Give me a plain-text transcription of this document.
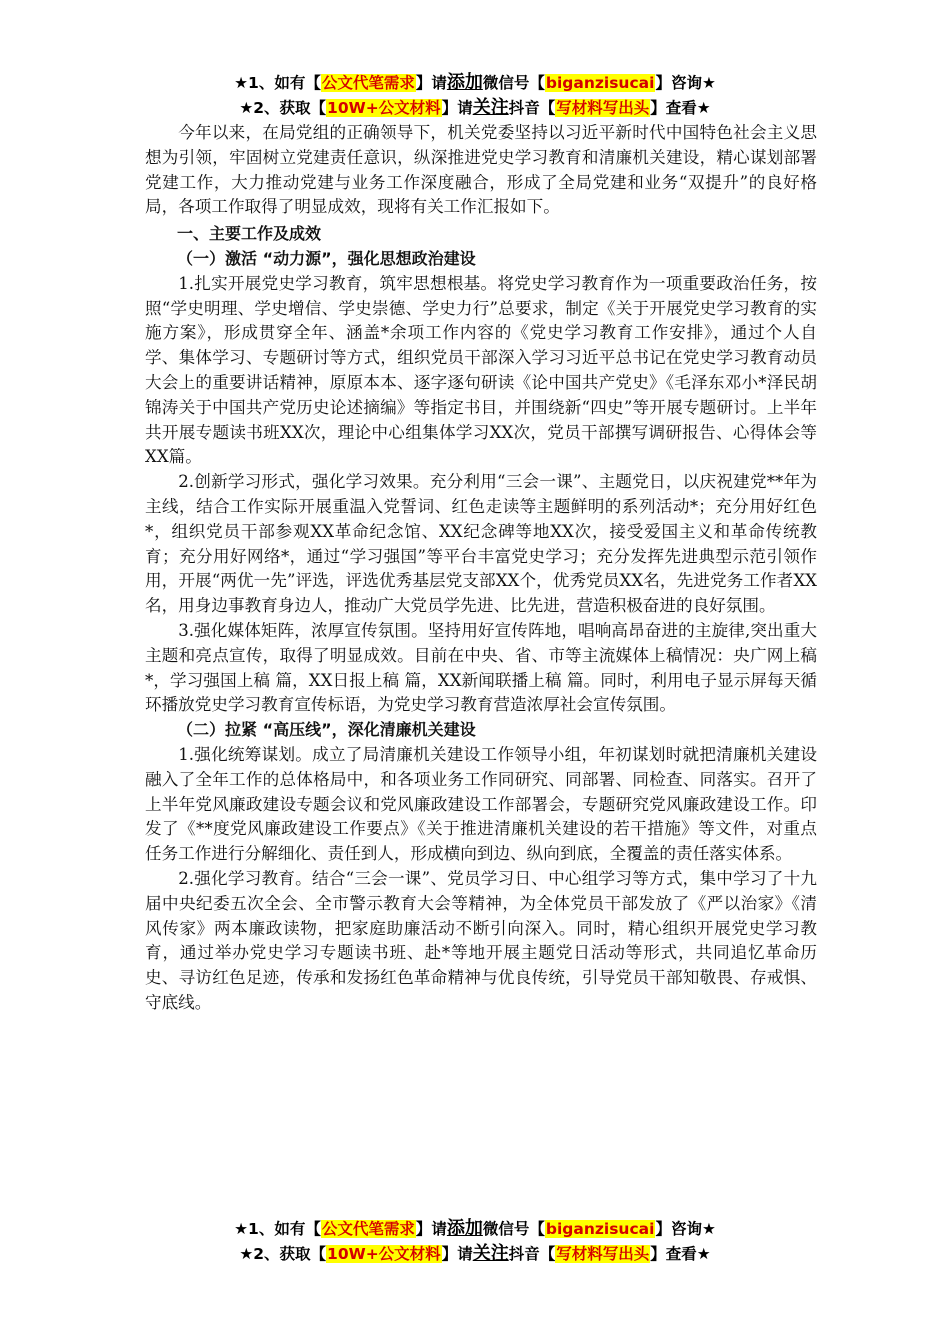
★1、如有【公文代笔需求】请添加微信号【biganzisucai】咨询★
★2、获取【10W+公文材料】请关注抖音【写材料写出头】查看★

今年以来，在局党组的正确领导下，机关党委坚持以习近平新时代中国特色社会主义思想为引领，牢固树立党建责任意识，纵深推进党史学习教育和清廉机关建设，精心谋划部署党建工作，大力推动党建与业务工作深度融合，形成了全局党建和业务“双提升”的良好格局，各项工作取得了明显成效，现将有关工作汇报如下。

一、主要工作及成效

（一）激活 “动力源”，强化思想政治建设

1.扎实开展党史学习教育，筑牢思想根基。将党史学习教育作为一项重要政治任务，按照“学史明理、学史增信、学史崇德、学史力行”总要求，制定《关于开展党史学习教育的实施方案》，形成贯穿全年、涵盖*余项工作内容的《党史学习教育工作安排》，通过个人自学、集体学习、专题研讨等方式，组织党员干部深入学习习近平总书记在党史学习教育动员大会上的重要讲话精神，原原本本、逐字逐句研读《论中国共产党史》《毛泽东邓小*泽民胡锦涛关于中国共产党历史论述摘编》等指定书目，并围绕新“四史”等开展专题研讨。上半年共开展专题读书班XX次，理论中心组集体学习XX次，党员干部撰写调研报告、心得体会等XX篇。

2.创新学习形式，强化学习效果。充分利用“三会一课”、主题党日，以庆祝建党**年为主线，结合工作实际开展重温入党誓词、红色走读等主题鲜明的系列活动*；充分用好红色*，组织党员干部参观XX革命纪念馆、XX纪念碑等地XX次，接受爱国主义和革命传统教育；充分用好网络*，通过“学习强国”等平台丰富党史学习；充分发挥先进典型示范引领作用，开展“两优一先”评选，评选优秀基层党支部XX个，优秀党员XX名，先进党务工作者XX名，用身边事教育身边人，推动广大党员学先进、比先进，营造积极奋进的良好氛围。

3.强化媒体矩阵，浓厚宣传氛围。坚持用好宣传阵地，唱响高昂奋进的主旋律,突出重大主题和亮点宣传，取得了明显成效。目前在中央、省、市等主流媒体上稿情况：央广网上稿*，学习强国上稿 篇，XX日报上稿 篇，XX新闻联播上稿 篇。同时，利用电子显示屏每天循环播放党史学习教育宣传标语，为党史学习教育营造浓厚社会宣传氛围。

（二）拉紧 “高压线”，深化清廉机关建设

1.强化统筹谋划。成立了局清廉机关建设工作领导小组，年初谋划时就把清廉机关建设融入了全年工作的总体格局中，和各项业务工作同研究、同部署、同检查、同落实。召开了上半年党风廉政建设专题会议和党风廉政建设工作部署会，专题研究党风廉政建设工作。印发了《**度党风廉政建设工作要点》《关于推进清廉机关建设的若干措施》等文件，对重点任务工作进行分解细化、责任到人，形成横向到边、纵向到底，全覆盖的责任落实体系。

2.强化学习教育。结合“三会一课”、党员学习日、中心组学习等方式，集中学习了十九届中央纪委五次全会、全市警示教育大会等精神，为全体党员干部发放了《严以治家》《清风传家》两本廉政读物，把家庭助廉活动不断引向深入。同时，精心组织开展党史学习教育，通过举办党史学习专题读书班、赴*等地开展主题党日活动等形式，共同追忆革命历史、寻访红色足迹，传承和发扬红色革命精神与优良传统，引导党员干部知敬畏、存戒惧、守底线。

★1、如有【公文代笔需求】请添加微信号【biganzisucai】咨询★
★2、获取【10W+公文材料】请关注抖音【写材料写出头】查看★
